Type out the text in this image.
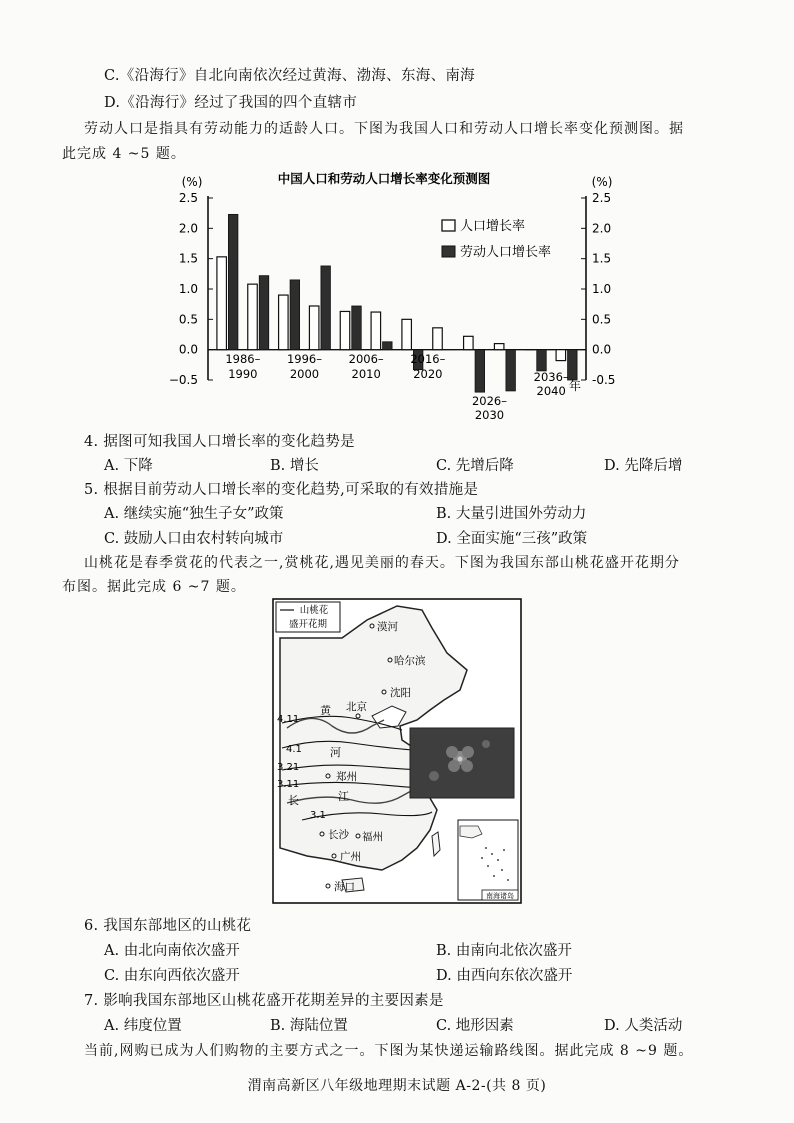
C.《沿海行》自北向南依次经过黄海、渤海、东海、南海
D.《沿海行》经过了我国的四个直辖市
劳动人口是指具有劳动能力的适龄人口。下图为我国人口和劳动人口增长率变化预测图。据
此完成 4 ~5 题。
中国人口和劳动人口增长率变化预测图
(%)	(%)
2.5
2.0
1.5
1.0
0.5
0.0
−0.5
2.5
2.0
1.5
1.0
0.5
0.0
-0.5
1986–
1990
1996–
2000
2006–
2010
2016–
2020
2026–
2030
2036–
2040
人口增长率
劳动人口增长率
年
4. 据图可知我国人口增长率的变化趋势是
A. 下降	B. 增长	C. 先增后降	D. 先降后增
5. 根据目前劳动人口增长率的变化趋势,可采取的有效措施是
A. 继续实施“独生子女”政策	B. 大量引进国外劳动力
C. 鼓励人口由农村转向城市	D. 全面实施“三孩”政策
山桃花是春季赏花的代表之一,赏桃花,遇见美丽的春天。下图为我国东部山桃花盛开花期分
布图。据此完成 6 ~7 题。
山桃花
盛开花期
4.11
4.1
3.21
3.11
3.1
黄
河
长	江
漠河
哈尔滨
沈阳
北京
郑州
长沙 福州
广州
海口
南海诸岛
6. 我国东部地区的山桃花
A. 由北向南依次盛开	B. 由南向北依次盛开
C. 由东向西依次盛开	D. 由西向东依次盛开
7. 影响我国东部地区山桃花盛开花期差异的主要因素是
A. 纬度位置	B. 海陆位置	C. 地形因素	D. 人类活动
当前,网购已成为人们购物的主要方式之一。下图为某快递运输路线图。据此完成 8 ~9 题。
渭南高新区八年级地理期末试题 A-2-(共 8 页)
